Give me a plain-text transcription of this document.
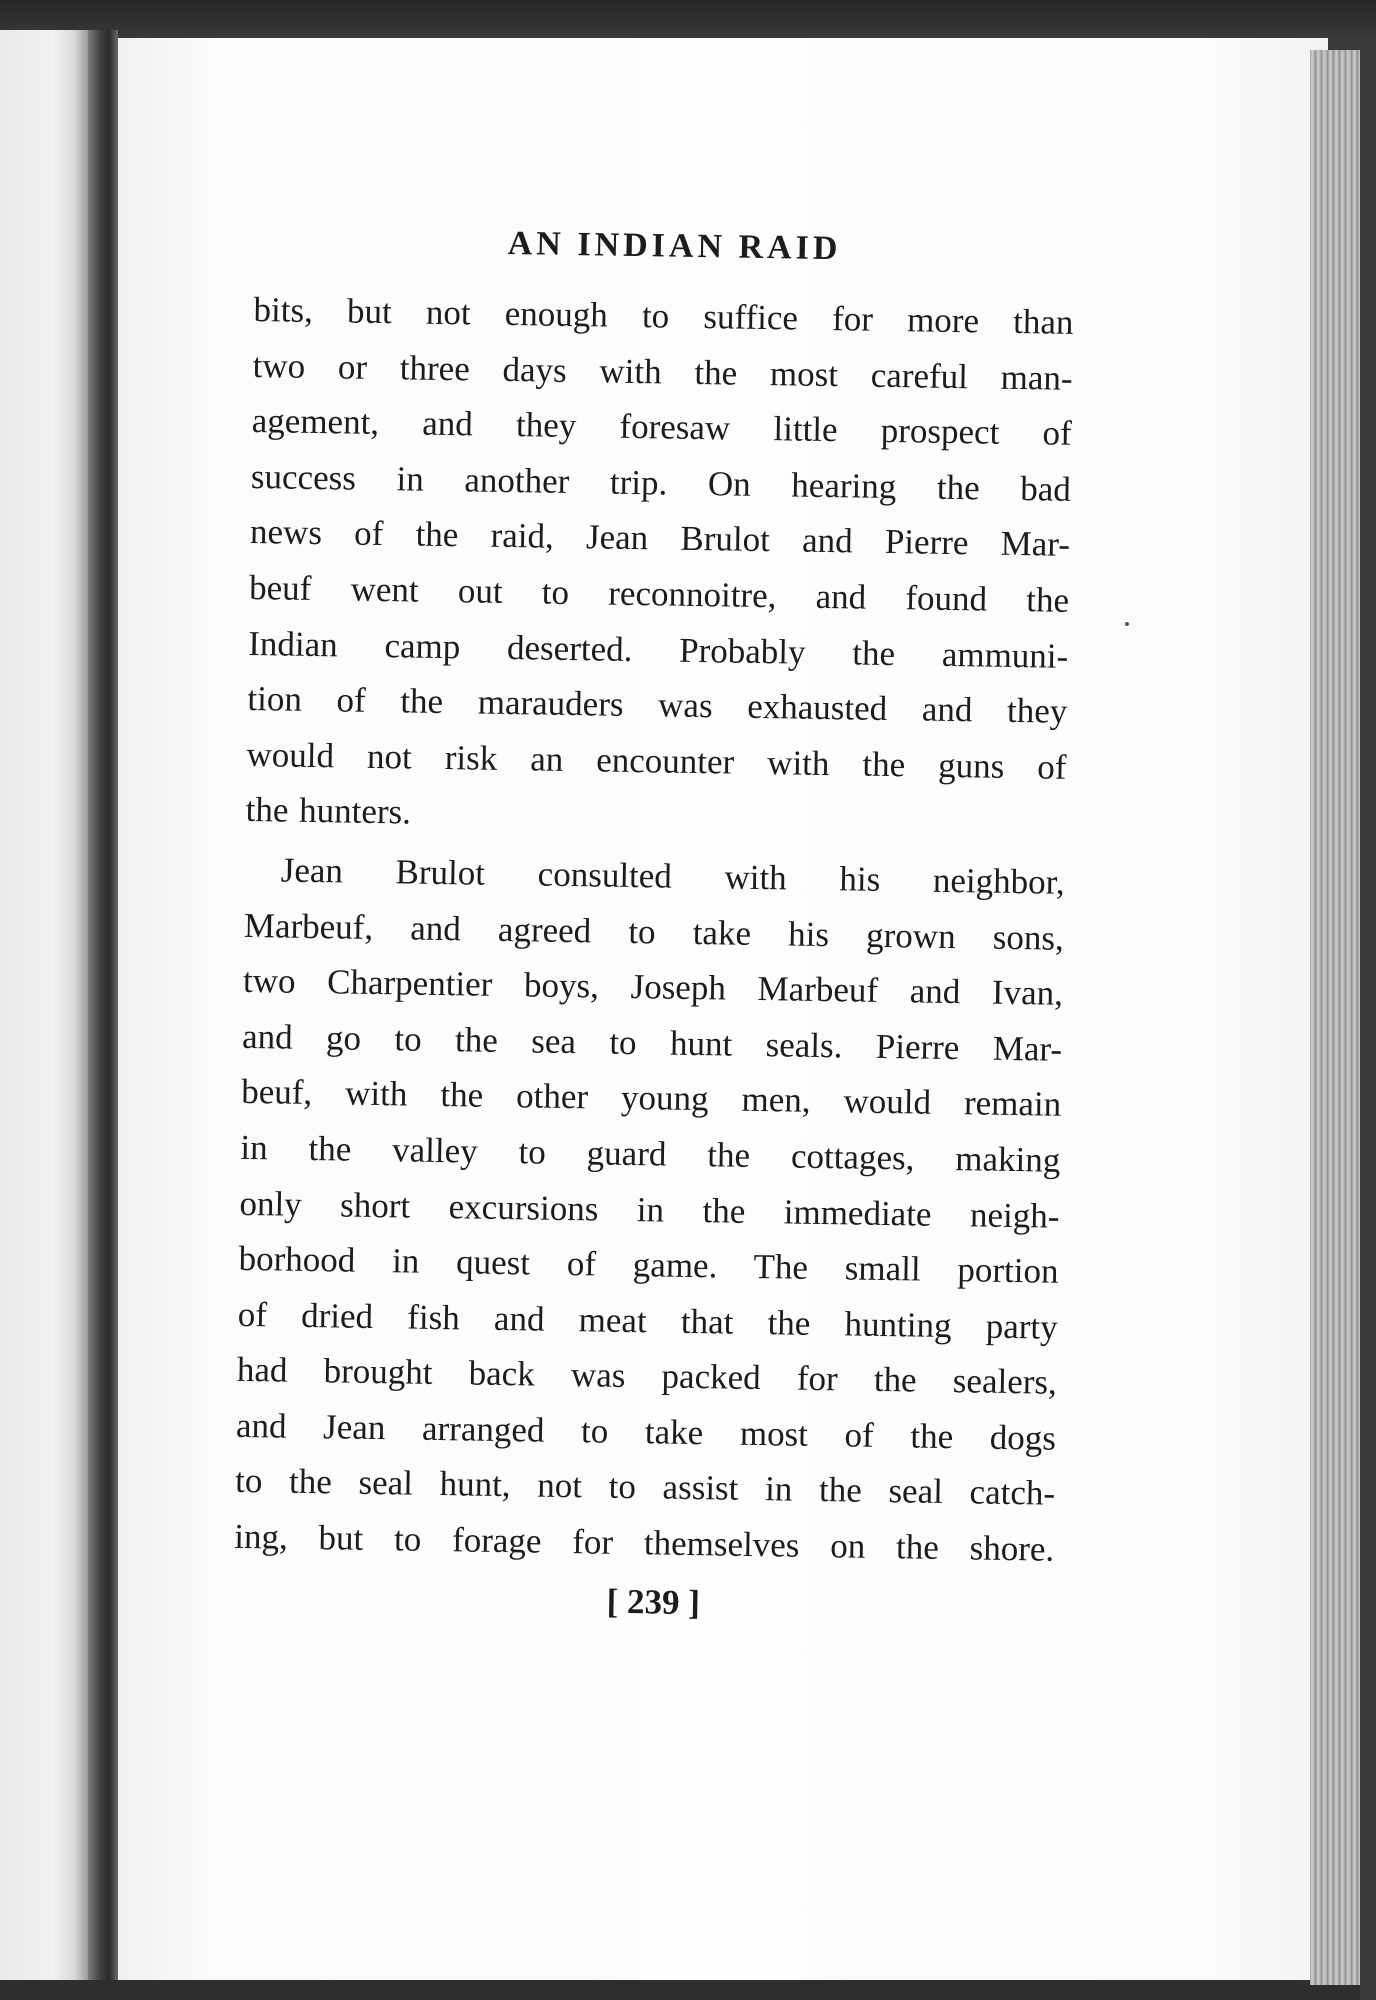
AN INDIAN RAID

bits, but not enough to suffice for more than
two or three days with the most careful man-
agement, and they foresaw little prospect of
success in another trip. On hearing the bad
news of the raid, Jean Brulot and Pierre Mar-
beuf went out to reconnoitre, and found the
Indian camp deserted. Probably the ammuni-
tion of the marauders was exhausted and they
would not risk an encounter with the guns of
the hunters.

Jean Brulot consulted with his neighbor,
Marbeuf, and agreed to take his grown sons,
two Charpentier boys, Joseph Marbeuf and Ivan,
and go to the sea to hunt seals. Pierre Mar-
beuf, with the other young men, would remain
in the valley to guard the cottages, making
only short excursions in the immediate neigh-
borhood in quest of game. The small portion
of dried fish and meat that the hunting party
had brought back was packed for the sealers,
and Jean arranged to take most of the dogs
to the seal hunt, not to assist in the seal catch-
ing, but to forage for themselves on the shore.

[ 239 ]
